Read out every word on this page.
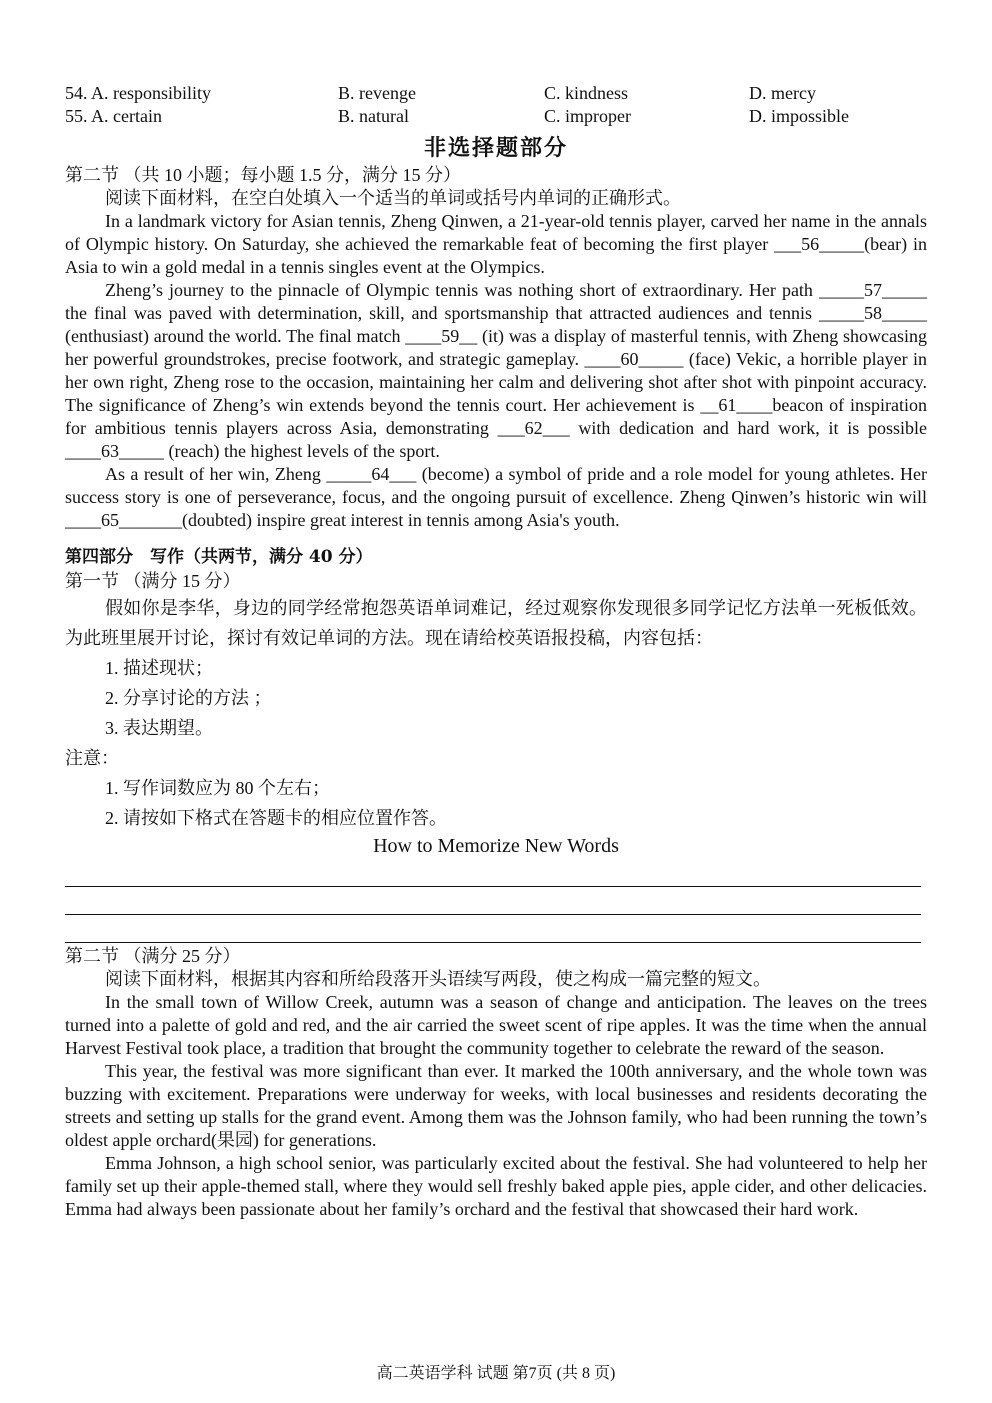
54. A. responsibility	B. revenge	C. kindness	D. mercy
55. A. certain	B. natural	C. improper	D. impossible
非选择题部分
第二节 （共 10 小题；每小题 1.5 分，满分 15 分）
阅读下面材料，在空白处填入一个适当的单词或括号内单词的正确形式。

In a landmark victory for Asian tennis, Zheng Qinwen, a 21-year-old tennis player, carved her name in the annals of Olympic history. On Saturday, she achieved the remarkable feat of becoming the first player ___56_____(bear) in Asia to win a gold medal in a tennis singles event at the Olympics.

Zheng’s journey to the pinnacle of Olympic tennis was nothing short of extraordinary. Her path _____57_____ the final was paved with determination, skill, and sportsmanship that attracted audiences and tennis _____58_____ (enthusiast) around the world. The final match ____59__ (it) was a display of masterful tennis, with Zheng showcasing her powerful groundstrokes, precise footwork, and strategic gameplay. ____60_____ (face) Vekic, a horrible player in her own right, Zheng rose to the occasion, maintaining her calm and delivering shot after shot with pinpoint accuracy. The significance of Zheng’s win extends beyond the tennis court. Her achievement is __61____beacon of inspiration for ambitious tennis players across Asia, demonstrating ___62___ with dedication and hard work, it is possible ____63_____ (reach) the highest levels of the sport.

As a result of her win, Zheng _____64___ (become) a symbol of pride and a role model for young athletes. Her success story is one of perseverance, focus, and the ongoing pursuit of excellence. Zheng Qinwen’s historic win will ____65_______(doubted) inspire great interest in tennis among Asia's youth.

第四部分　写作（共两节，满分 40 分）
第一节 （满分 15 分）

假如你是李华，身边的同学经常抱怨英语单词难记，经过观察你发现很多同学记忆方法单一死板低效。为此班里展开讨论，探讨有效记单词的方法。现在请给校英语报投稿，内容包括：

1. 描述现状；
2. 分享讨论的方法 ；
3. 表达期望。
注意：
1. 写作词数应为 80 个左右；
2. 请按如下格式在答题卡的相应位置作答。
How to Memorize New Words
第二节 （满分 25 分）
阅读下面材料，根据其内容和所给段落开头语续写两段，使之构成一篇完整的短文。

In the small town of Willow Creek, autumn was a season of change and anticipation. The leaves on the trees turned into a palette of gold and red, and the air carried the sweet scent of ripe apples. It was the time when the annual Harvest Festival took place, a tradition that brought the community together to celebrate the reward of the season.

This year, the festival was more significant than ever. It marked the 100th anniversary, and the whole town was buzzing with excitement. Preparations were underway for weeks, with local businesses and residents decorating the streets and setting up stalls for the grand event. Among them was the Johnson family, who had been running the town’s oldest apple orchard(果园) for generations.

Emma Johnson, a high school senior, was particularly excited about the festival. She had volunteered to help her family set up their apple-themed stall, where they would sell freshly baked apple pies, apple cider, and other delicacies. Emma had always been passionate about her family’s orchard and the festival that showcased their hard work.

高二英语学科 试题 第7页 (共 8 页)
